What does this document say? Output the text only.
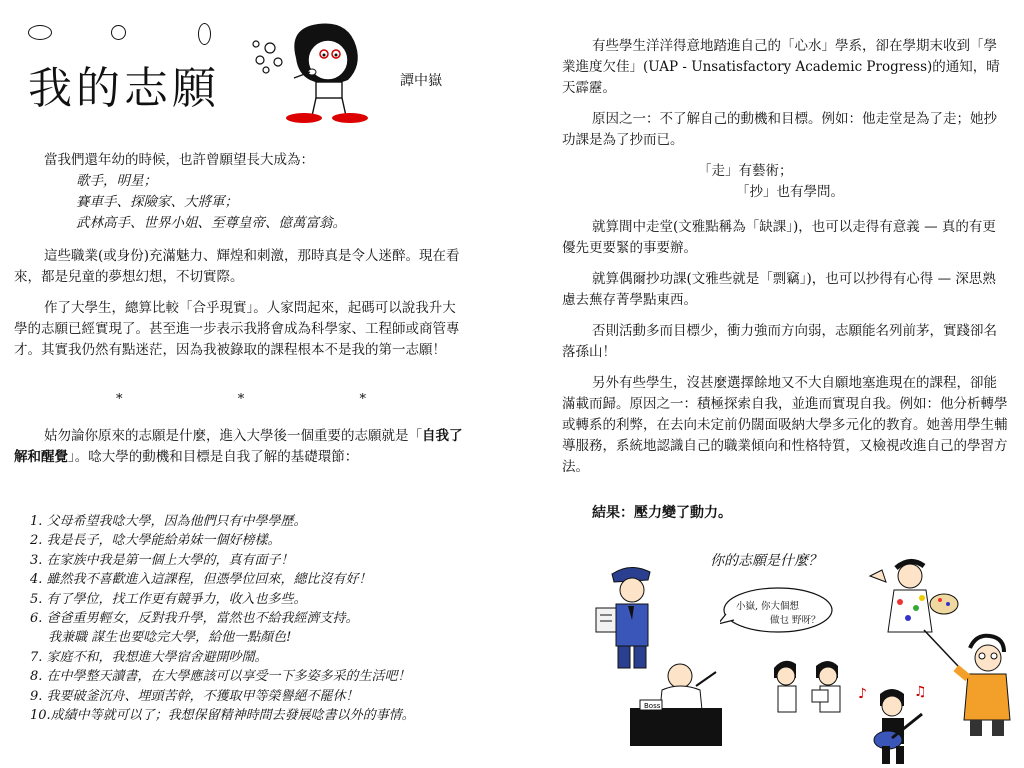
我的志願	譚中嶽

當我們還年幼的時候，也許曾願望長大成為：

歌手，明星；

賽車手、探險家、大將軍；

武林高手、世界小姐、至尊皇帝、億萬富翁。

這些職業(或身份)充滿魅力、輝煌和刺激，那時真是令人迷醉。現在看來，都是兒童的夢想幻想，不切實際。

作了大學生，總算比較「合乎現實」。人家問起來，起碼可以說我升大學的志願已經實現了。甚至進一步表示我將會成為科學家、工程師或商管專才。其實我仍然有點迷茫，因為我被錄取的課程根本不是我的第一志願！

*	*	*

姑勿論你原來的志願是什麼，進入大學後一個重要的志願就是「自我了解和醒覺」。唸大學的動機和目標是自我了解的基礎環節：

1. 父母希望我唸大學，因為他們只有中學學歷。
2. 我是長子，唸大學能給弟妹一個好榜樣。
3. 在家族中我是第一個上大學的，真有面子！
4. 雖然我不喜歡進入這課程，但憑學位回來，總比沒有好！
5. 有了學位，找工作更有競爭力，收入也多些。
6. 爸爸重男輕女，反對我升學，當然也不給我經濟支持。
我兼職 謀生也要唸完大學，給他一點顏色!
7. 家庭不和，我想進大學宿舍避開吵鬧。
8. 在中學整天讀書，在大學應該可以享受一下多姿多采的生活吧！
9. 我要破釜沉舟、埋頭苦幹，不獲取甲等榮譽絕不罷休！
10.成績中等就可以了；我想保留精神時間去發展唸書以外的事情。

有些學生洋洋得意地踏進自己的「心水」學系，卻在學期末收到「學業進度欠佳」(UAP - Unsatisfactory Academic Progress)的通知，晴天霹靂。

原因之一：不了解自己的動機和目標。例如：他走堂是為了走；她抄功課是為了抄而已。

「走」有藝術；

「抄」也有學問。

就算間中走堂(文雅點稱為「缺課」)，也可以走得有意義 — 真的有更優先更要緊的事要辦。

就算偶爾抄功課(文雅些就是「剽竊」)，也可以抄得有心得 — 深思熟慮去蕪存菁學點東西。

否則活動多而目標少，衝力強而方向弱，志願能名列前茅，實踐卻名落孫山！

另外有些學生，沒甚麼選擇餘地又不大自願地塞進現在的課程，卻能滿載而歸。原因之一：積極探索自我，並進而實現自我。例如：他分析轉學或轉系的利弊，在去向未定前仍闊面吸納大學多元化的教育。她善用學生輔導服務，系統地認識自己的職業傾向和性格特質，又檢視改進自己的學習方法。

結果：壓力變了動力。
你的志願是什麼？
小嶽, 你大個想
做乜 野呀？
Boss
♪	♫
